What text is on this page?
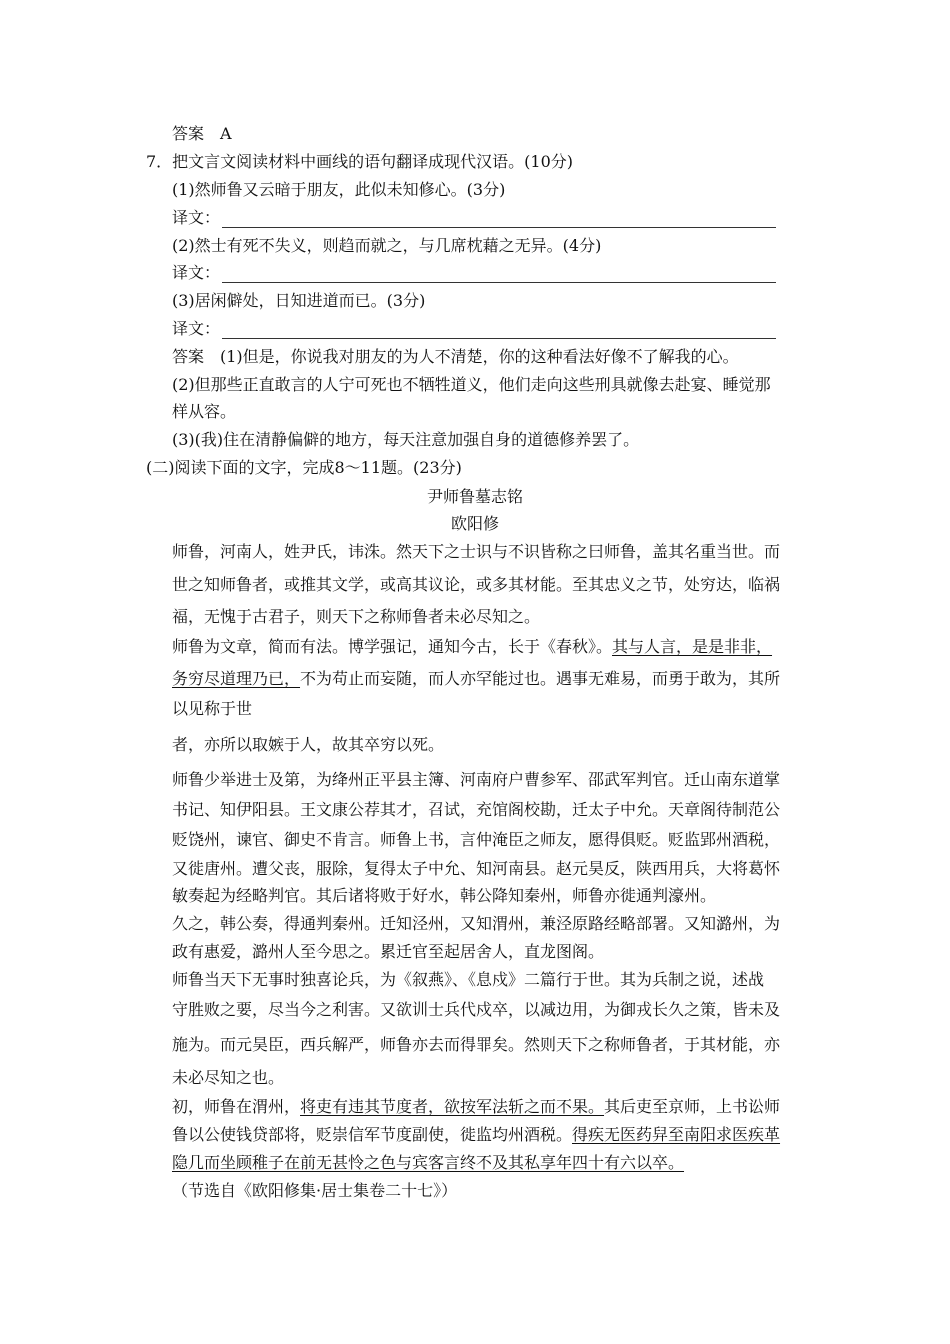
答案　A
7．把文言文阅读材料中画线的语句翻译成现代汉语。(10分)
(1)然师鲁又云暗于朋友，此似未知修心。(3分)
译文：
(2)然士有死不失义，则趋而就之，与几席枕藉之无异。(4分)
译文：
(3)居闲僻处，日知进道而已。(3分)
译文：
答案　(1)但是，你说我对朋友的为人不清楚，你的这种看法好像不了解我的心。
(2)但那些正直敢言的人宁可死也不牺牲道义，他们走向这些刑具就像去赴宴、睡觉那
样从容。
(3)(我)住在清静偏僻的地方，每天注意加强自身的道德修养罢了。
(二)阅读下面的文字，完成8～11题。(23分)
尹师鲁墓志铭
欧阳修
师鲁，河南人，姓尹氏，讳洙。然天下之士识与不识皆称之曰师鲁，盖其名重当世。而
世之知师鲁者，或推其文学，或高其议论，或多其材能。至其忠义之节，处穷达，临祸
福，无愧于古君子，则天下之称师鲁者未必尽知之。
师鲁为文章，简而有法。博学强记，通知今古，长于《春秋》。其与人言，是是非非，
务穷尽道理乃已，不为苟止而妄随，而人亦罕能过也。遇事无难易，而勇于敢为，其所
以见称于世
者，亦所以取嫉于人，故其卒穷以死。
师鲁少举进士及第，为绛州正平县主簿、河南府户曹参军、邵武军判官。迁山南东道掌
书记、知伊阳县。王文康公荐其才，召试，充馆阁校勘，迁太子中允。天章阁待制范公
贬饶州，谏官、御史不肯言。师鲁上书，言仲淹臣之师友，愿得俱贬。贬监郢州酒税，
又徙唐州。遭父丧，服除，复得太子中允、知河南县。赵元昊反，陕西用兵，大将葛怀
敏奏起为经略判官。其后诸将败于好水，韩公降知秦州，师鲁亦徙通判濠州。
久之，韩公奏，得通判秦州。迁知泾州，又知渭州，兼泾原路经略部署。又知潞州，为
政有惠爱，潞州人至今思之。累迁官至起居舍人，直龙图阁。
师鲁当天下无事时独喜论兵，为《叙燕》、《息戍》二篇行于世。其为兵制之说，述战
守胜败之要，尽当今之利害。又欲训士兵代戍卒，以减边用，为御戎长久之策，皆未及
施为。而元昊臣，西兵解严，师鲁亦去而得罪矣。然则天下之称师鲁者，于其材能，亦
未必尽知之也。
初，师鲁在渭州，将吏有违其节度者，欲按军法斩之而不果。其后吏至京师，上书讼师
鲁以公使钱贷部将，贬崇信军节度副使，徙监均州酒税。得疾无医药舁至南阳求医疾革
隐几而坐顾稚子在前无甚怜之色与宾客言终不及其私享年四十有六以卒。
（节选自《欧阳修集·居士集卷二十七》）
